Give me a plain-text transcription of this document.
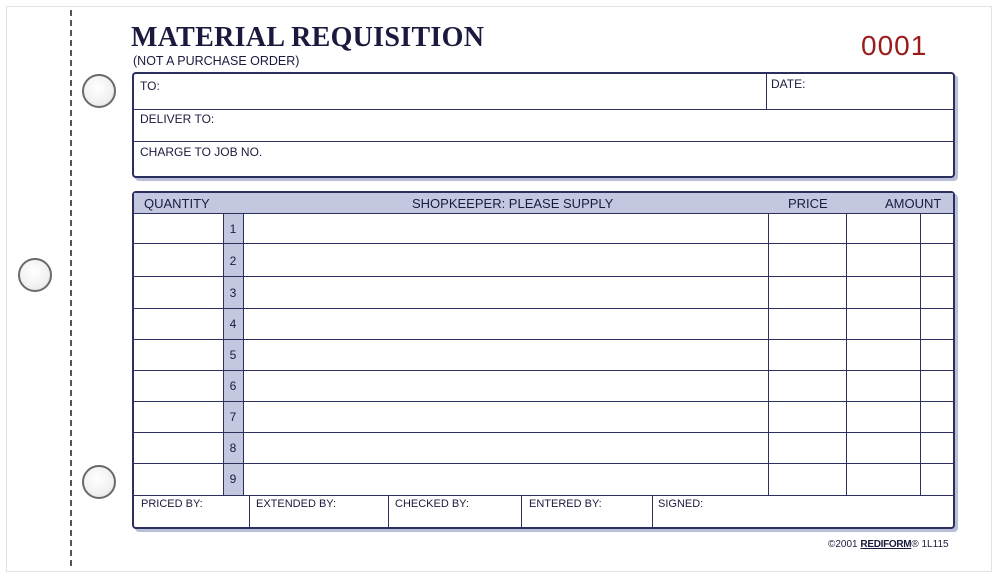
MATERIAL REQUISITION
(NOT A PURCHASE ORDER)	0001
TO:	DATE:
DELIVER TO:
CHARGE TO JOB NO.
QUANTITY	SHOPKEEPER: PLEASE SUPPLY	PRICE	AMOUNT
1
2
3
4
5
6
7
8
9
PRICED BY:	EXTENDED BY:	CHECKED BY:	ENTERED BY:	SIGNED:
©2001 REDIFORM® 1L115
